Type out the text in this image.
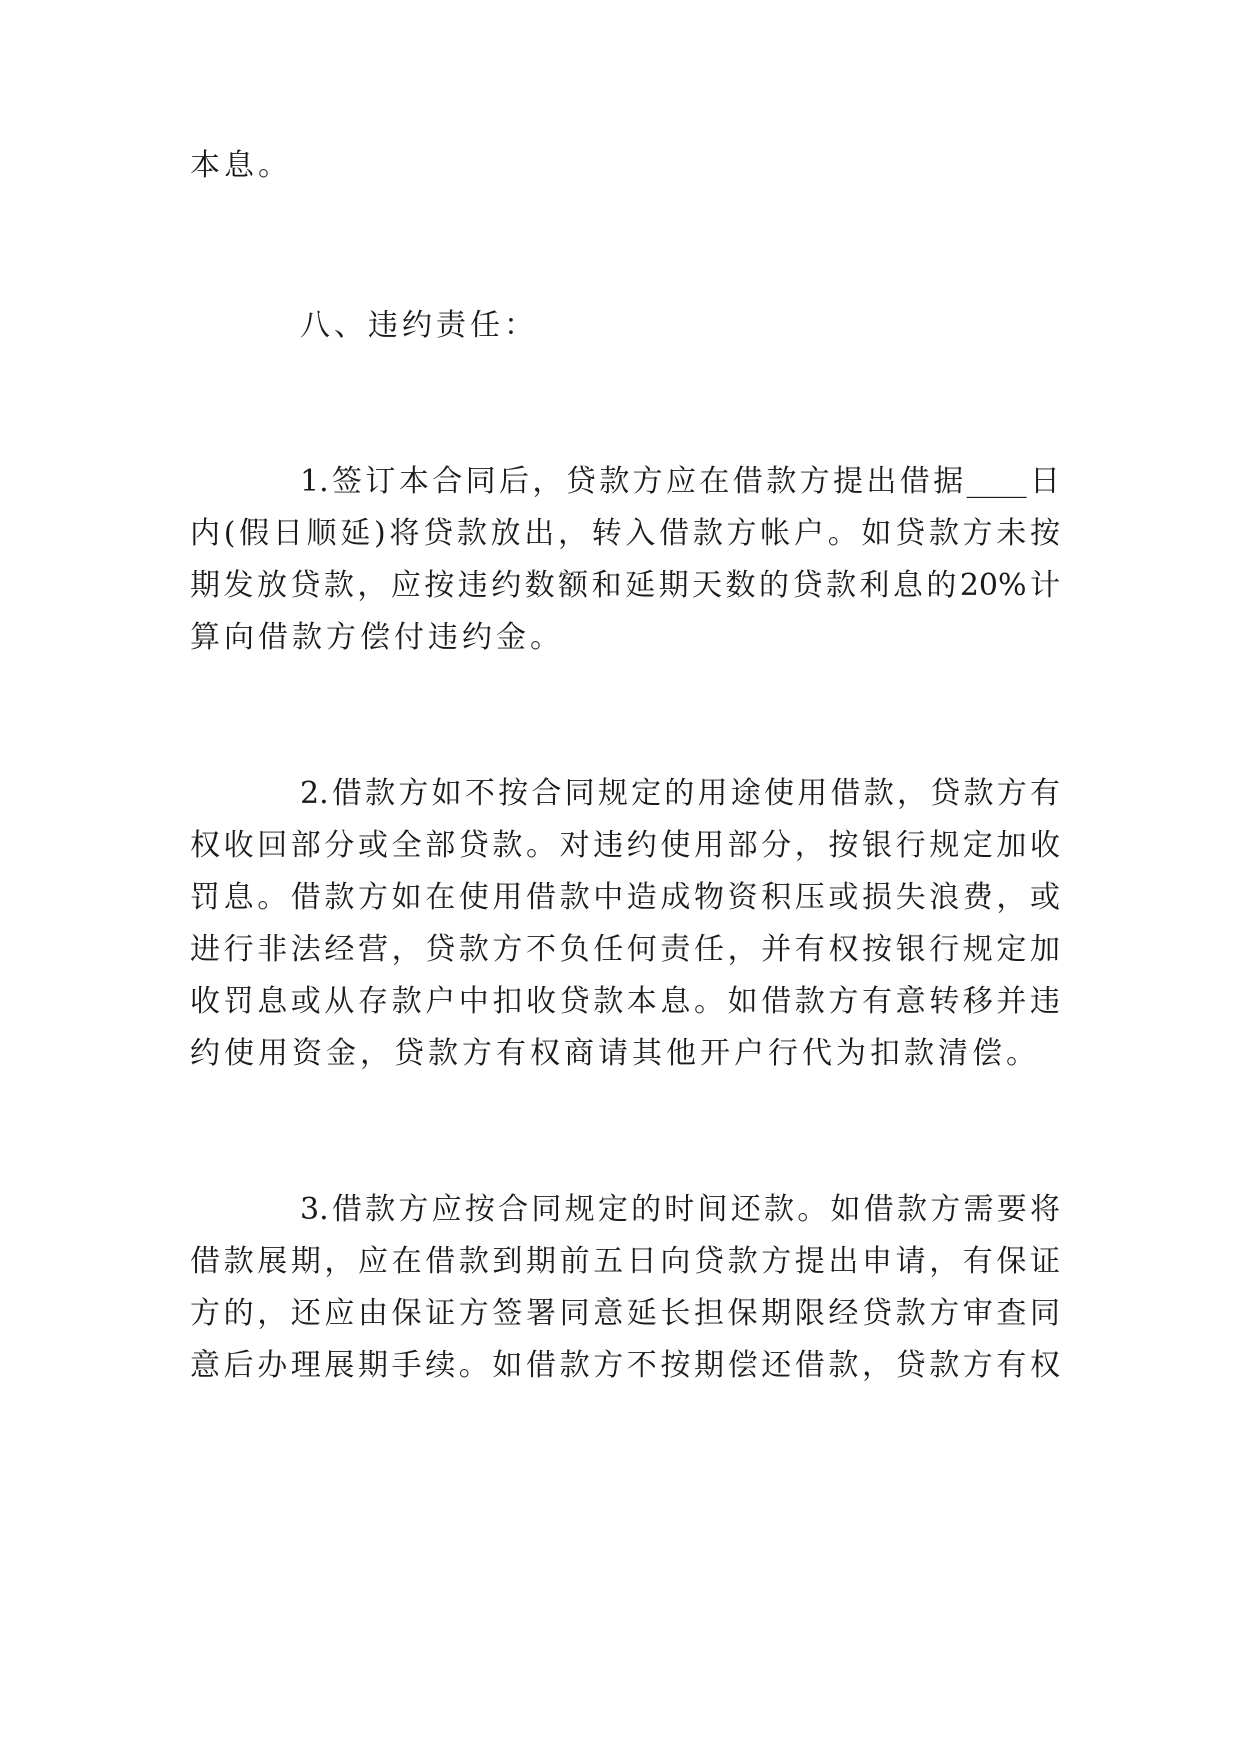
本息。
八、违约责任：
1.签订本合同后，贷款方应在借款方提出借据____日
内(假日顺延)将贷款放出，转入借款方帐户。如贷款方未按
期发放贷款，应按违约数额和延期天数的贷款利息的20%计
算向借款方偿付违约金。
2.借款方如不按合同规定的用途使用借款，贷款方有
权收回部分或全部贷款。对违约使用部分，按银行规定加收
罚息。借款方如在使用借款中造成物资积压或损失浪费，或
进行非法经营，贷款方不负任何责任，并有权按银行规定加
收罚息或从存款户中扣收贷款本息。如借款方有意转移并违
约使用资金，贷款方有权商请其他开户行代为扣款清偿。
3.借款方应按合同规定的时间还款。如借款方需要将
借款展期，应在借款到期前五日向贷款方提出申请，有保证
方的，还应由保证方签署同意延长担保期限经贷款方审查同
意后办理展期手续。如借款方不按期偿还借款，贷款方有权
